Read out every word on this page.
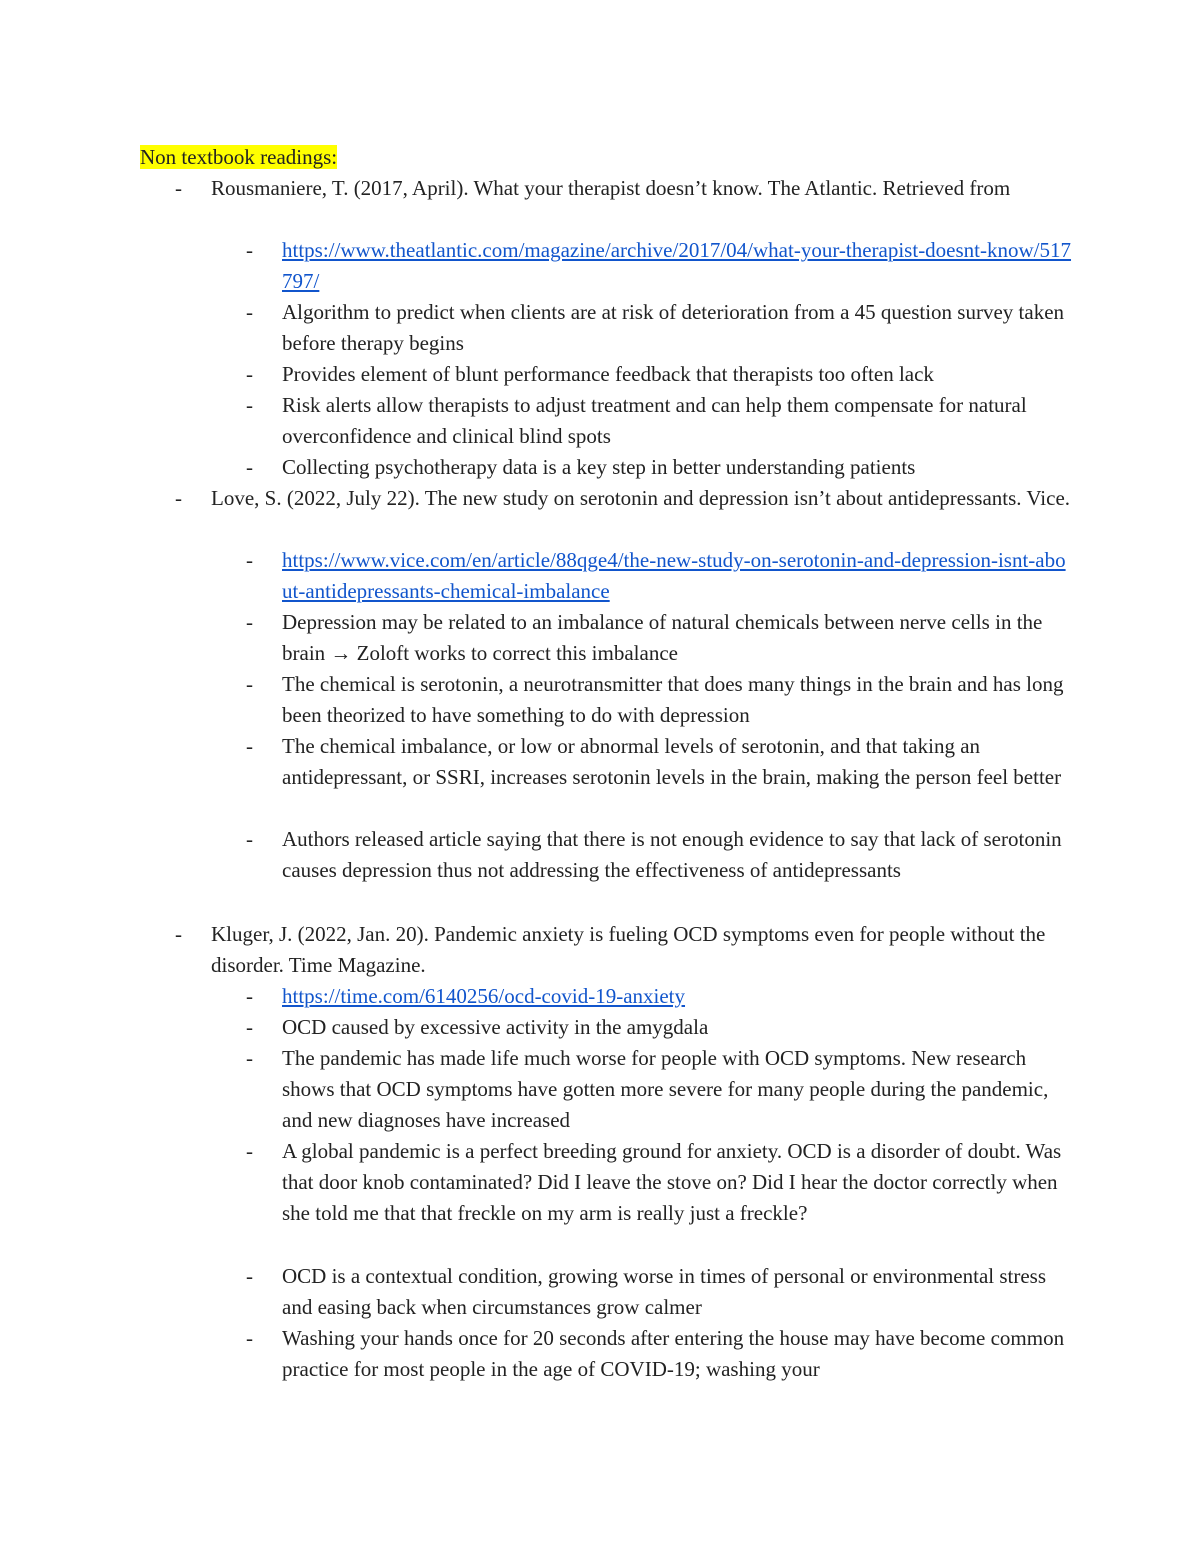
Non textbook readings:
-	Rousmaniere, T. (2017, April). What your therapist doesn’t know. The Atlantic. Retrieved from
-	https://www.theatlantic.com/magazine/archive/2017/04/what-your-therapist-doesnt-know/517797/
-	Algorithm to predict when clients are at risk of deterioration from a 45 question survey taken before therapy begins
-	Provides element of blunt performance feedback that therapists too often lack
-	Risk alerts allow therapists to adjust treatment and can help them compensate for natural overconfidence and clinical blind spots
-	Collecting psychotherapy data is a key step in better understanding patients
-	Love, S. (2022, July 22). The new study on serotonin and depression isn’t about antidepressants. Vice.
-	https://www.vice.com/en/article/88qge4/the-new-study-on-serotonin-and-depression-isnt-about-antidepressants-chemical-imbalance
-	Depression may be related to an imbalance of natural chemicals between nerve cells in the brain → Zoloft works to correct this imbalance
-	The chemical is serotonin, a neurotransmitter that does many things in the brain and has long been theorized to have something to do with depression
-	The chemical imbalance, or low or abnormal levels of serotonin, and that taking an antidepressant, or SSRI, increases serotonin levels in the brain, making the person feel better
-	Authors released article saying that there is not enough evidence to say that lack of serotonin causes depression thus not addressing the effectiveness of antidepressants
-	Kluger, J. (2022, Jan. 20). Pandemic anxiety is fueling OCD symptoms even for people without the disorder. Time Magazine.
-	https://time.com/6140256/ocd-covid-19-anxiety
-	OCD caused by excessive activity in the amygdala
-	The pandemic has made life much worse for people with OCD symptoms. New research shows that OCD symptoms have gotten more severe for many people during the pandemic, and new diagnoses have increased
-	A global pandemic is a perfect breeding ground for anxiety. OCD is a disorder of doubt. Was that door knob contaminated? Did I leave the stove on? Did I hear the doctor correctly when she told me that that freckle on my arm is really just a freckle?
-	OCD is a contextual condition, growing worse in times of personal or environmental stress and easing back when circumstances grow calmer
-	Washing your hands once for 20 seconds after entering the house may have become common practice for most people in the age of COVID-19; washing your
